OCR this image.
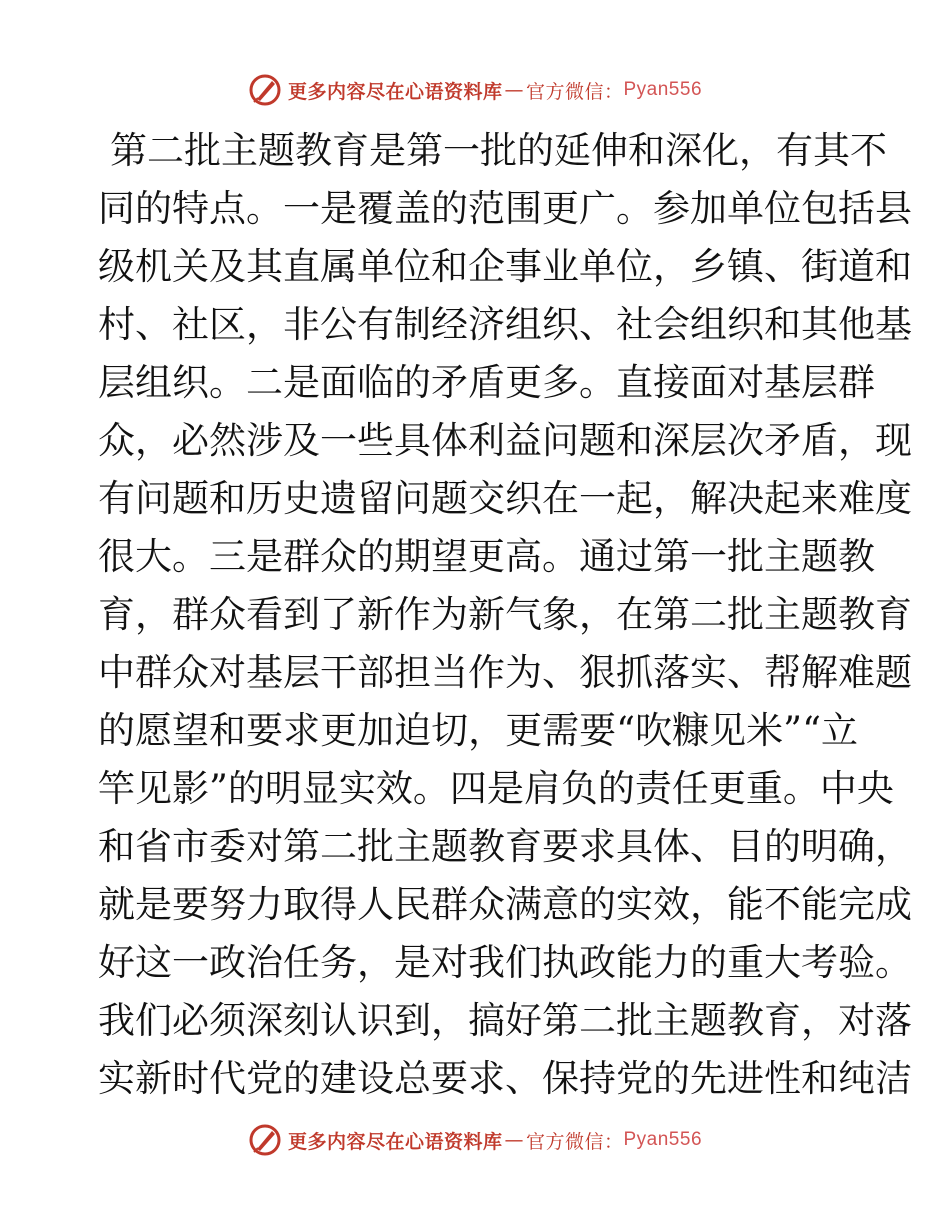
更多内容尽在心语资料库 — 官方微信： Pyan556
第二批主题教育是第一批的延伸和深化，有其不
同的特点。一是覆盖的范围更广。参加单位包括县
级机关及其直属单位和企事业单位，乡镇、街道和
村、社区，非公有制经济组织、社会组织和其他基
层组织。二是面临的矛盾更多。直接面对基层群
众，必然涉及一些具体利益问题和深层次矛盾，现
有问题和历史遗留问题交织在一起，解决起来难度
很大。三是群众的期望更高。通过第一批主题教
育，群众看到了新作为新气象，在第二批主题教育
中群众对基层干部担当作为、狠抓落实、帮解难题
的愿望和要求更加迫切，更需要“吹糠见米”“立
竿见影”的明显实效。四是肩负的责任更重。中央
和省市委对第二批主题教育要求具体、目的明确，
就是要努力取得人民群众满意的实效，能不能完成
好这一政治任务，是对我们执政能力的重大考验。
我们必须深刻认识到，搞好第二批主题教育，对落
实新时代党的建设总要求、保持党的先进性和纯洁
更多内容尽在心语资料库 — 官方微信： Pyan556
